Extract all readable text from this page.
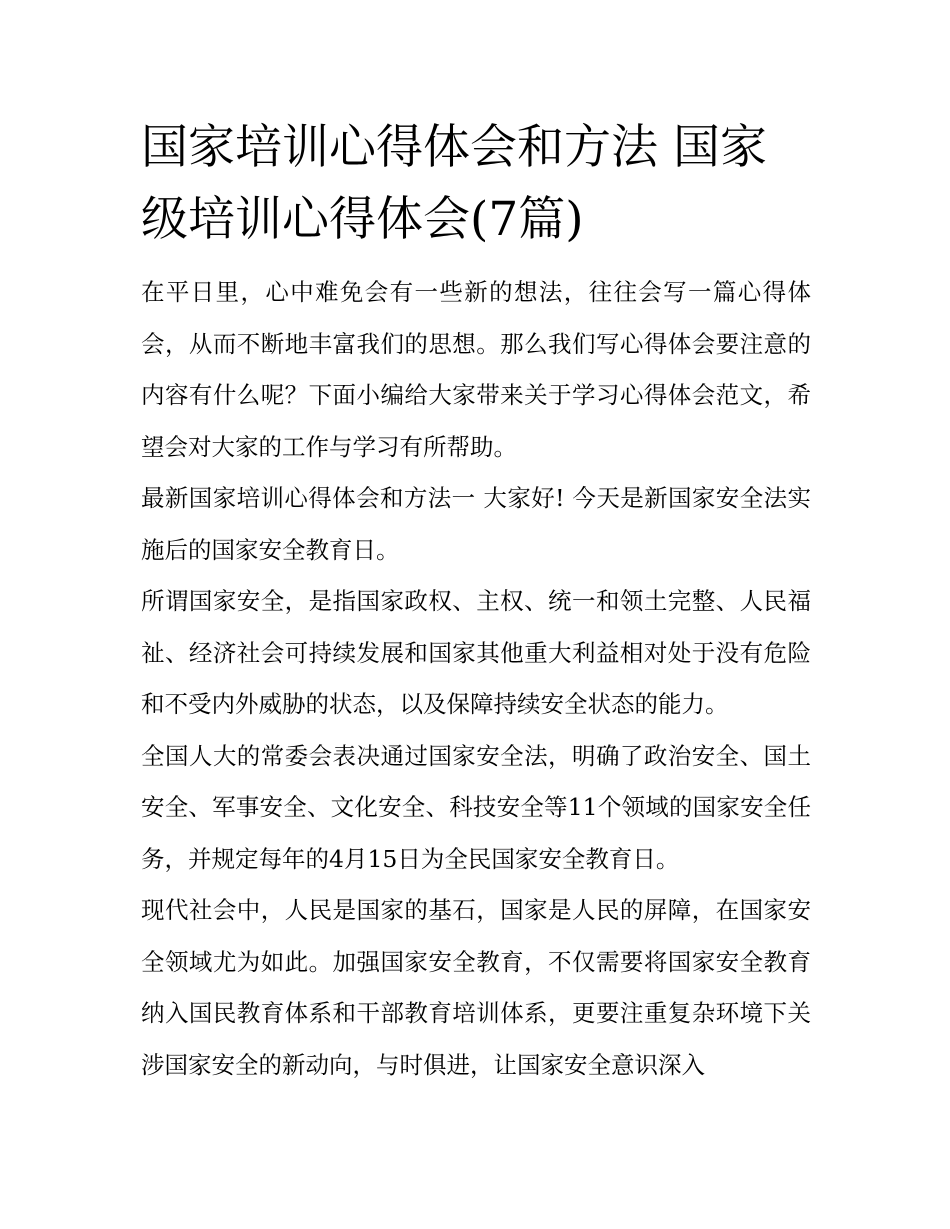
国家培训心得体会和方法 国家级培训心得体会(7篇)

在平日里，心中难免会有一些新的想法，往往会写一篇心得体会，从而不断地丰富我们的思想。那么我们写心得体会要注意的内容有什么呢？下面小编给大家带来关于学习心得体会范文，希望会对大家的工作与学习有所帮助。

最新国家培训心得体会和方法一 大家好! 今天是新国家安全法实施后的国家安全教育日。

所谓国家安全，是指国家政权、主权、统一和领土完整、人民福祉、经济社会可持续发展和国家其他重大利益相对处于没有危险和不受内外威胁的状态，以及保障持续安全状态的能力。

全国人大的常委会表决通过国家安全法，明确了政治安全、国土安全、军事安全、文化安全、科技安全等11个领域的国家安全任务，并规定每年的4月15日为全民国家安全教育日。

现代社会中，人民是国家的基石，国家是人民的屏障，在国家安全领域尤为如此。加强国家安全教育，不仅需要将国家安全教育纳入国民教育体系和干部教育培训体系，更要注重复杂环境下关涉国家安全的新动向，与时俱进，让国家安全意识深入
